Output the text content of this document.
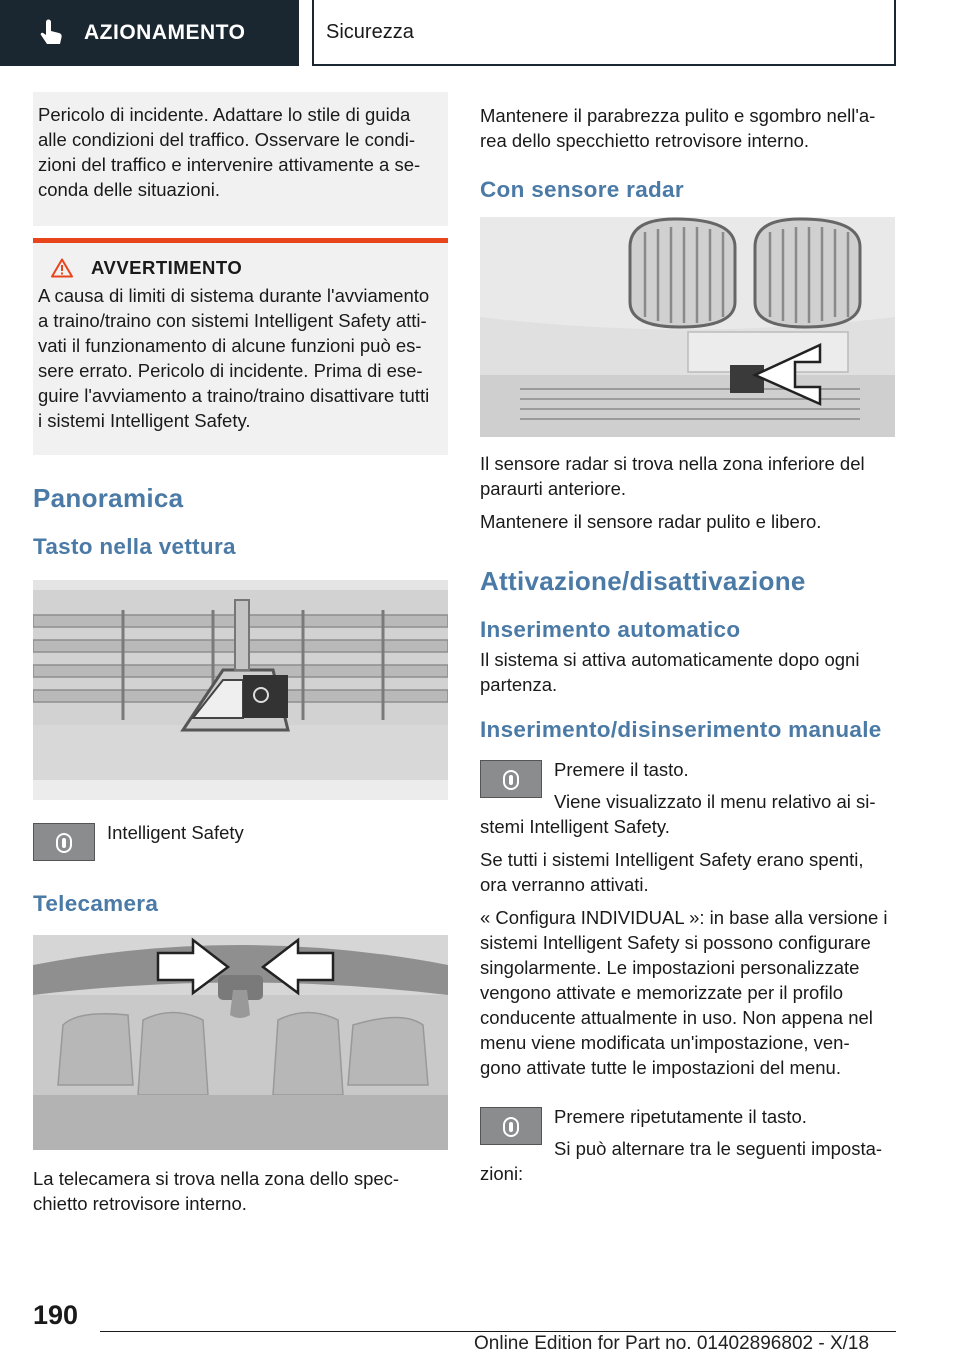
AZIONAMENTO	Sicurezza

Pericolo di incidente. Adattare lo stile di guida
alle condizioni del traffico. Osservare le condi-
zioni del traffico e intervenire attivamente a se-
conda delle situazioni.

AVVERTIMENTO

A causa di limiti di sistema durante l'avviamento
a traino/traino con sistemi Intelligent Safety atti-
vati il funzionamento di alcune funzioni può es-
sere errato. Pericolo di incidente. Prima di ese-
guire l'avviamento a traino/traino disattivare tutti
i sistemi Intelligent Safety.

Panoramica
Tasto nella vettura

Intelligent Safety

Telecamera

La telecamera si trova nella zona dello spec-
chietto retrovisore interno.

Mantenere il parabrezza pulito e sgombro nell'a-
rea dello specchietto retrovisore interno.

Con sensore radar

Il sensore radar si trova nella zona inferiore del
paraurti anteriore.

Mantenere il sensore radar pulito e libero.

Attivazione/disattivazione
Inserimento automatico

Il sistema si attiva automaticamente dopo ogni
partenza.

Inserimento/disinserimento manuale

Premere il tasto.

Viene visualizzato il menu relativo ai si-

stemi Intelligent Safety.

Se tutti i sistemi Intelligent Safety erano spenti,
ora verranno attivati.

« Configura INDIVIDUAL »: in base alla versione i
sistemi Intelligent Safety si possono configurare
singolarmente. Le impostazioni personalizzate
vengono attivate e memorizzate per il profilo
conducente attualmente in uso. Non appena nel
menu viene modificata un'impostazione, ven-
gono attivate tutte le impostazioni del menu.

Premere ripetutamente il tasto.

Si può alternare tra le seguenti imposta-

zioni:

190
Online Edition for Part no. 01402896802 - X/18
